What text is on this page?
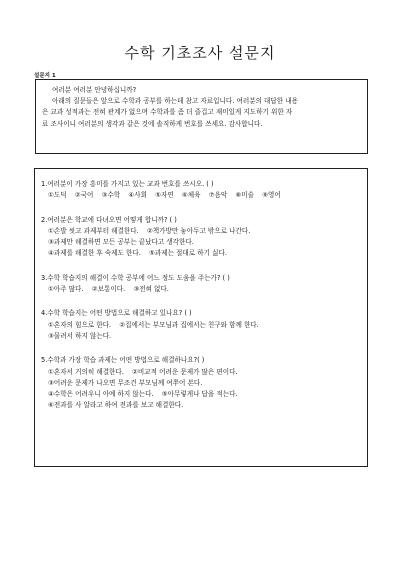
수학 기초조사 설문지
설문지 1

여러분 여러분 안녕하십니까?

아래의 질문들은 앞으로 수학과 공부를 하는데 참고 자료입니다. 여러분의 대답한 내용

은 교과 성적과는 전혀 관계가 없으며 수학과를 좀 더 즐겁고 재미있게 지도하기 위한 자

료 조사이니 여러분의 생각과 같은 것에 솔직하게 번호를 쓰세요. 감사합니다.

1.여러분이 가장 흥미를 가지고 있는 교과 번호를 쓰시오. ( )
①도덕 ②국어 ③수학 ④사회 ⑤자연 ⑥체육 ⑦음악 ⑧미술 ⑨영어
2.여러분은 학교에 다녀오면 어떻게 합니까? ( )
①손발 씻고 과제부터 해결한다. ②책가방만 놓아두고 밖으로 나간다.
③과제만 해결하면 모든 공부는 끝났다고 생각한다.
④과제를 해결한 후 숙제도 한다. ⑤과제는 절대로 하기 싫다.
3.수학 학습지의 해결이 수학 공부에 어느 정도 도움을 주는가? ( )
①아주 많다. ②보통이다. ③전혀 없다.
4.수학 학습지는 어떤 방법으로 해결하고 있나요? ( )
①혼자의 힘으로 한다. ②집에서는 부모님과 집에서는 친구와 함께 한다.
③물려서 하지 않는다.
5.수학과 가장 학습 과제는 어떤 방법으로 해결하나요?( )
①혼자서 거의히 해결한다. ②비교적 어려운 문제가 많은 편이다.
③어려운 문제가 나오면 무조건 부모님께 여쭈어 본다.
④수학은 어려우니 아예 하지 않는다. ⑤아무렇게나 답을 적는다.
⑥전과를 사 알라고 하여 전과를 보고 해결한다.
